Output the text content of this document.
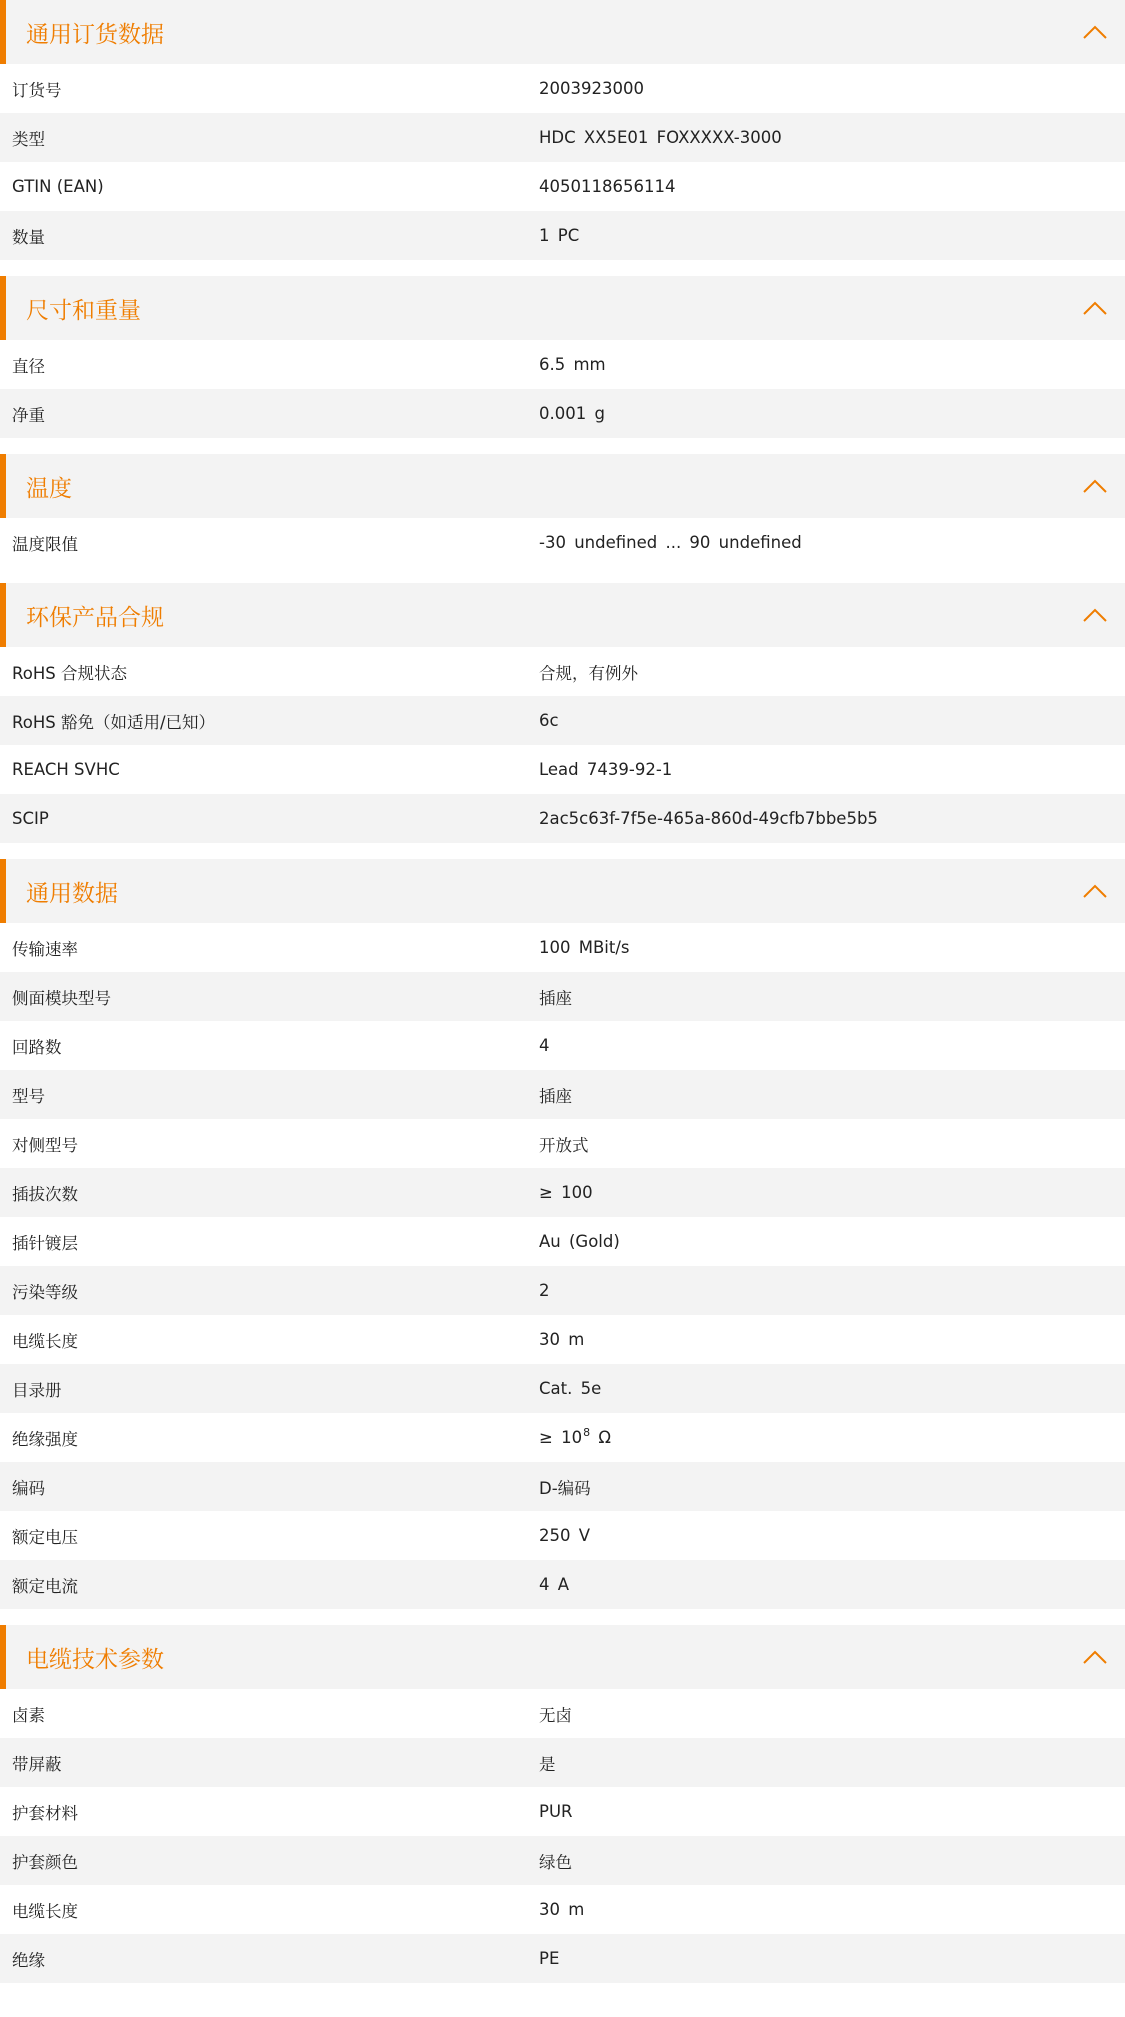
通用订货数据
订货号	2003923000
类型	HDC XX5E01 FOXXXXX-3000
GTIN (EAN)	4050118656114
数量	1 PC
尺寸和重量
直径	6.5 mm
净重	0.001 g
温度
温度限值	-30 undefined ... 90 undefined
环保产品合规
RoHS 合规状态	合规，有例外
RoHS 豁免（如适用/已知）	6c
REACH SVHC	Lead 7439-92-1
SCIP	2ac5c63f-7f5e-465a-860d-49cfb7bbe5b5
通用数据
传输速率	100 MBit/s
侧面模块型号	插座
回路数	4
型号	插座
对侧型号	开放式
插拔次数	≥ 100
插针镀层	Au (Gold)
污染等级	2
电缆长度	30 m
目录册	Cat. 5e
绝缘强度	≥ $10^8$ Ω
编码	D-编码
额定电压	250 V
额定电流	4 A
电缆技术参数
卤素	无卤
带屏蔽	是
护套材料	PUR
护套颜色	绿色
电缆长度	30 m
绝缘	PE
